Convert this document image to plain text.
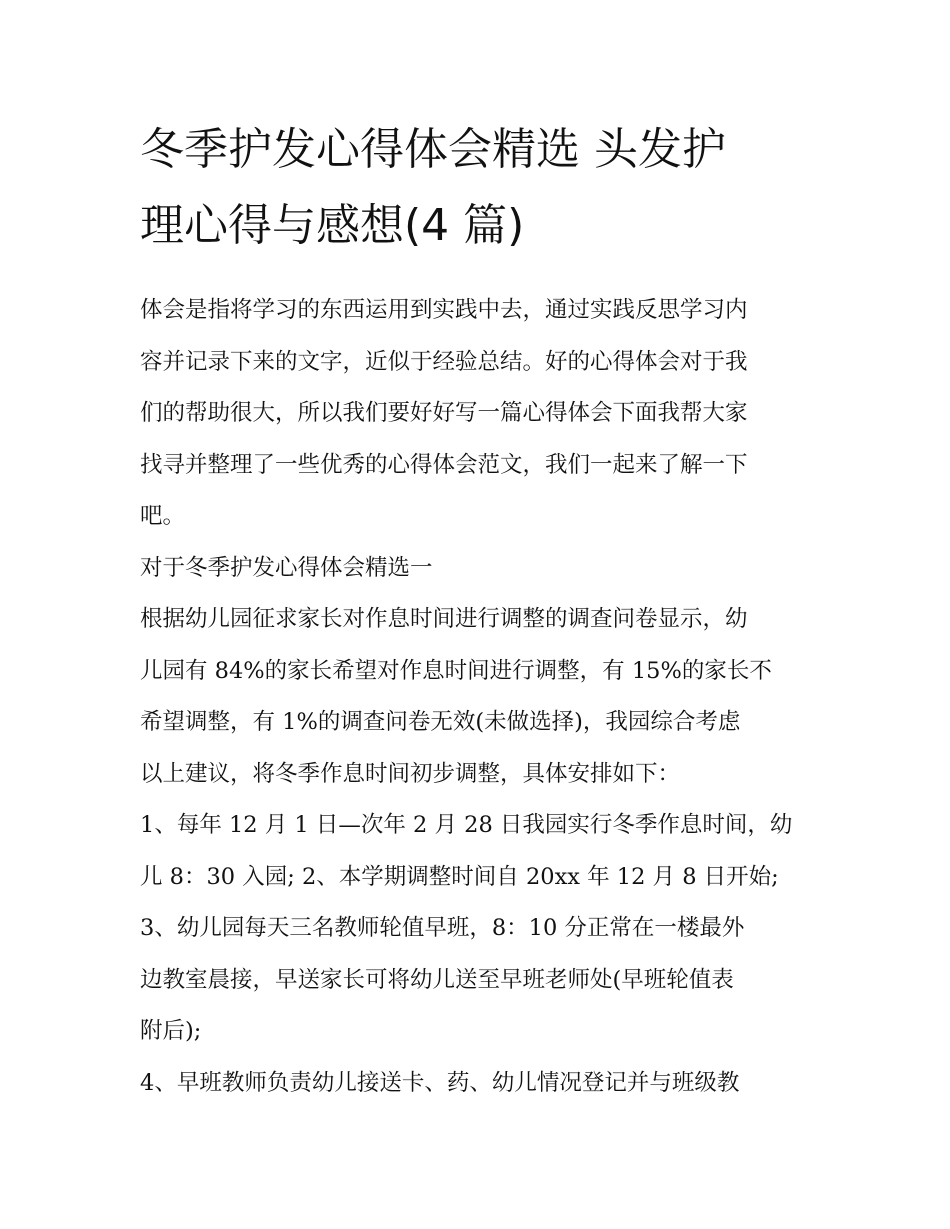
冬季护发心得体会精选 头发护
理心得与感想(4 篇)

体会是指将学习的东西运用到实践中去，通过实践反思学习内

容并记录下来的文字，近似于经验总结。好的心得体会对于我

们的帮助很大，所以我们要好好写一篇心得体会下面我帮大家

找寻并整理了一些优秀的心得体会范文，我们一起来了解一下

吧。

对于冬季护发心得体会精选一

根据幼儿园征求家长对作息时间进行调整的调查问卷显示，幼

儿园有 84%的家长希望对作息时间进行调整，有 15%的家长不

希望调整，有 1%的调查问卷无效(未做选择)，我园综合考虑

以上建议，将冬季作息时间初步调整，具体安排如下：

1、每年 12 月 1 日—次年 2 月 28 日我园实行冬季作息时间，幼

儿 8：30 入园; 2、本学期调整时间自 20xx 年 12 月 8 日开始;

3、幼儿园每天三名教师轮值早班，8：10 分正常在一楼最外

边教室晨接，早送家长可将幼儿送至早班老师处(早班轮值表

附后);

4、早班教师负责幼儿接送卡、药、幼儿情况登记并与班级教
